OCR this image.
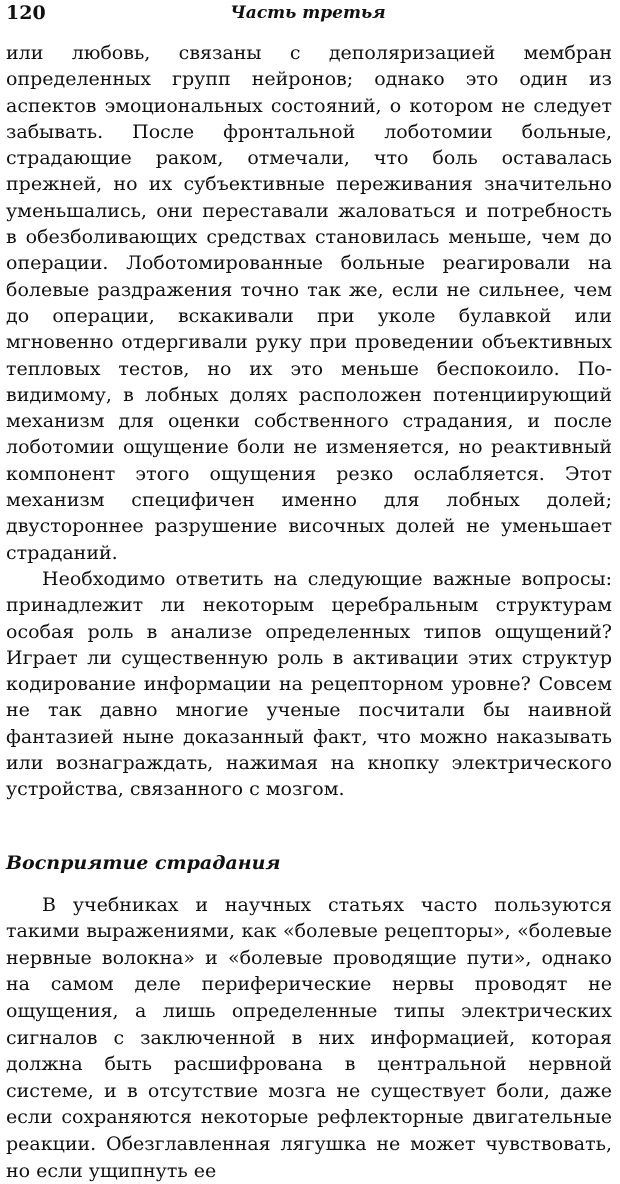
120	Часть третья

или любовь, связаны с деполяризацией мембран определенных групп нейронов; однако это один из аспектов эмоциональных состояний, о котором не следует забывать. После фронтальной лоботомии больные, страдающие раком, отмечали, что боль оставалась прежней, но их субъективные переживания значительно уменьшались, они переставали жаловаться и потребность в обезболивающих средствах становилась меньше, чем до операции. Лоботомированные больные реагировали на болевые раздражения точно так же, если не сильнее, чем до операции, вскакивали при уколе булавкой или мгновенно отдергивали руку при проведении объективных тепловых тестов, но их это меньше беспокоило. По-видимому, в лобных долях расположен потенциирующий механизм для оценки собственного страдания, и после лоботомии ощущение боли не изменяется, но реактивный компонент этого ощущения резко ослабляется. Этот механизм специфичен именно для лобных долей; двустороннее разрушение височных долей не уменьшает страданий.

Необходимо ответить на следующие важные вопросы: принадлежит ли некоторым церебральным структурам особая роль в анализе определенных типов ощущений? Играет ли существенную роль в активации этих структур кодирование информации на рецепторном уровне? Совсем не так давно многие ученые посчитали бы наивной фантазией ныне доказанный факт, что можно наказывать или вознаграждать, нажимая на кнопку электрического устройства, связанного с мозгом.

Восприятие страдания

В учебниках и научных статьях часто пользуются такими выражениями, как «болевые рецепторы», «болевые нервные волокна» и «болевые проводящие пути», однако на самом деле периферические нервы проводят не ощущения, а лишь определенные типы электрических сигналов с заключенной в них информацией, которая должна быть расшифрована в центральной нервной системе, и в отсутствие мозга не существует боли, даже если сохраняются некоторые рефлекторные двигательные реакции. Обезглавленная лягушка не может чувствовать, но если ущипнуть ее
